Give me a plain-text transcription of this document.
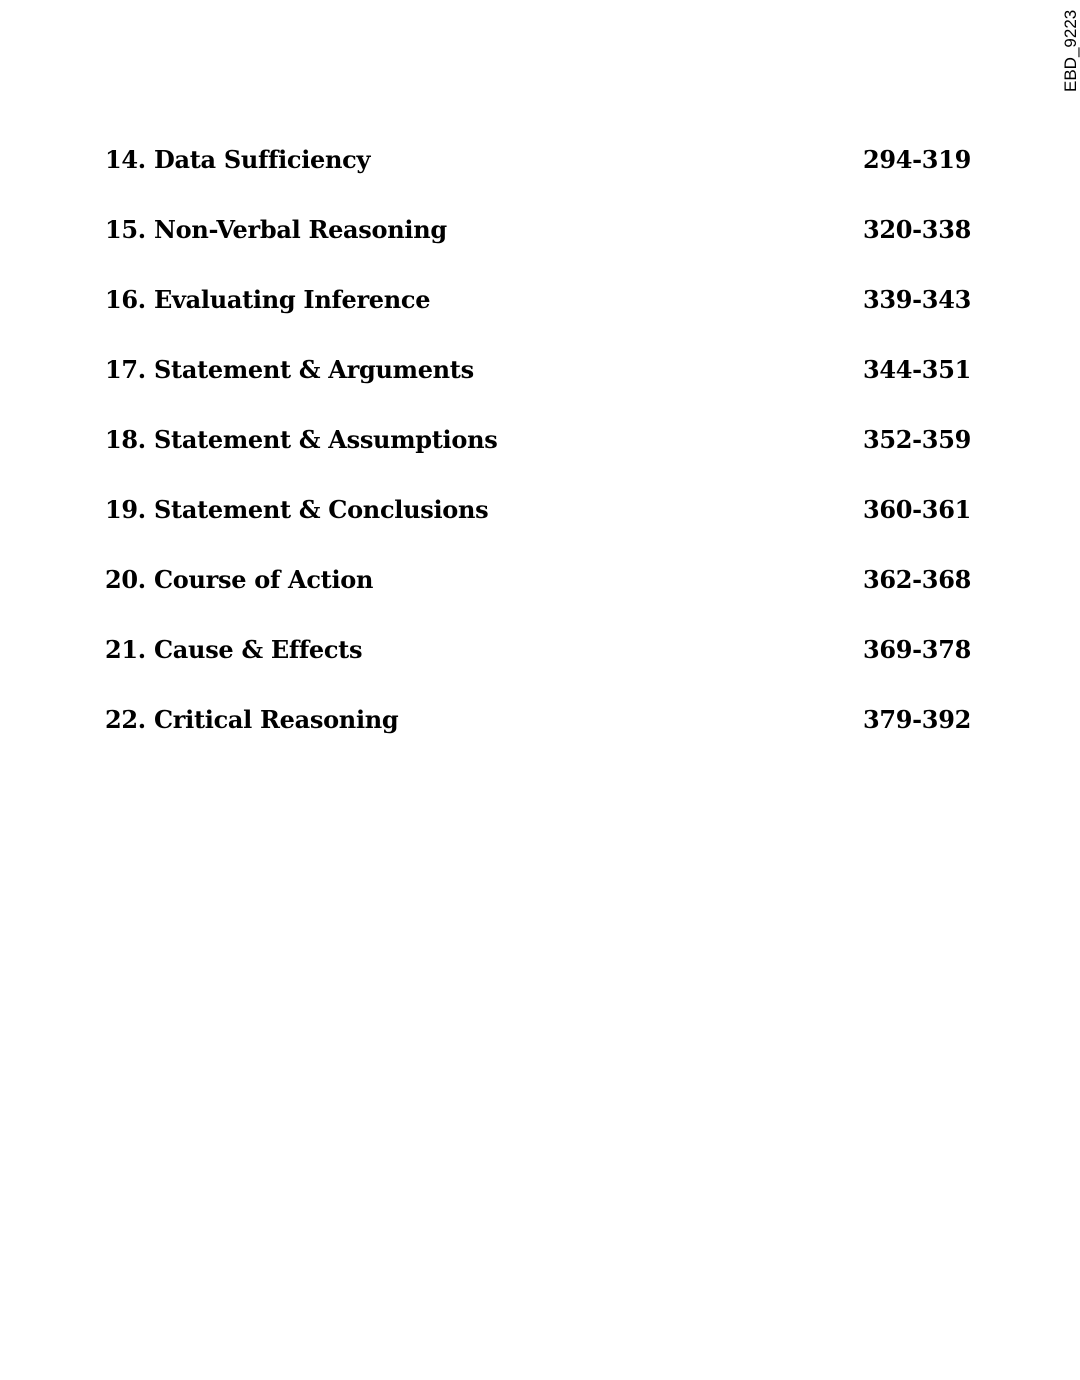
EBD_9223
14. Data Sufficiency	294-319
15. Non-Verbal Reasoning	320-338
16. Evaluating Inference	339-343
17. Statement & Arguments	344-351
18. Statement & Assumptions	352-359
19. Statement & Conclusions	360-361
20. Course of Action	362-368
21. Cause & Effects	369-378
22. Critical Reasoning	379-392
